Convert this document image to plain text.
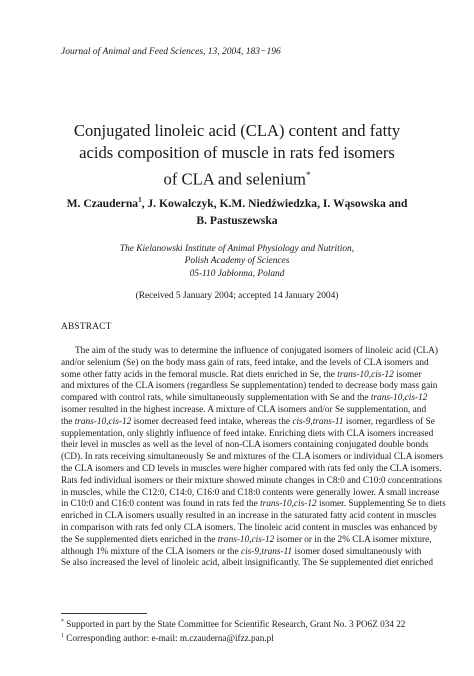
Journal of Animal and Feed Sciences, 13, 2004, 183−196
Conjugated linoleic acid (CLA) content and fatty
acids composition of muscle in rats fed isomers
of CLA and selenium*
M. Czauderna$^1$, J. Kowalczyk, K.M. Niedźwiedzka, I. Wąsowska and
B. Pastuszewska
The Kielanowski Institute of Animal Physiology and Nutrition,
Polish Academy of Sciences
05-110 Jabłonna, Poland
(Received 5 January 2004; accepted 14 January 2004)
ABSTRACT
The aim of the study was to determine the influence of conjugated isomers of linoleic acid (CLA)
and/or selenium (Se) on the body mass gain of rats, feed intake, and the levels of CLA isomers and
some other fatty acids in the femoral muscle. Rat diets enriched in Se, the trans-10,cis-12 isomer
and mixtures of the CLA isomers (regardless Se supplementation) tended to decrease body mass gain
compared with control rats, while simultaneously supplementation with Se and the trans-10,cis-12
isomer resulted in the highest increase. A mixture of CLA isomers and/or Se supplementation, and
the trans-10,cis-12 isomer decreased feed intake, whereas the cis-9,trans-11 isomer, regardless of Se
supplementation, only slightly influence of feed intake. Enriching diets with CLA isomers increased
their level in muscles as well as the level of non-CLA isomers containing conjugated double bonds
(CD). In rats receiving simultaneously Se and mixtures of the CLA isomers or individual CLA isomers
the CLA isomers and CD levels in muscles were higher compared with rats fed only the CLA isomers.
Rats fed individual isomers or their mixture showed minute changes in C8:0 and C10:0 concentrations
in muscles, while the C12:0, C14:0, C16:0 and C18:0 contents were generally lower. A small increase
in C10:0 and C16:0 content was found in rats fed the trans-10,cis-12 isomer. Supplementing Se to diets
enriched in CLA isomers usually resulted in an increase in the saturated fatty acid content in muscles
in comparison with rats fed only CLA isomers. The linoleic acid content in muscles was enhanced by
the Se supplemented diets enriched in the trans-10,cis-12 isomer or in the 2% CLA isomer mixture,
although 1% mixture of the CLA isomers or the cis-9,trans-11 isomer dosed simultaneously with
Se also increased the level of linoleic acid, albeit insignificantly. The Se supplemented diet enriched
* Supported in part by the State Committee for Scientific Research, Grant No. 3 PO6Z 034 22
$^1$ Corresponding author: e-mail: m.czauderna@ifzz.pan.pl
